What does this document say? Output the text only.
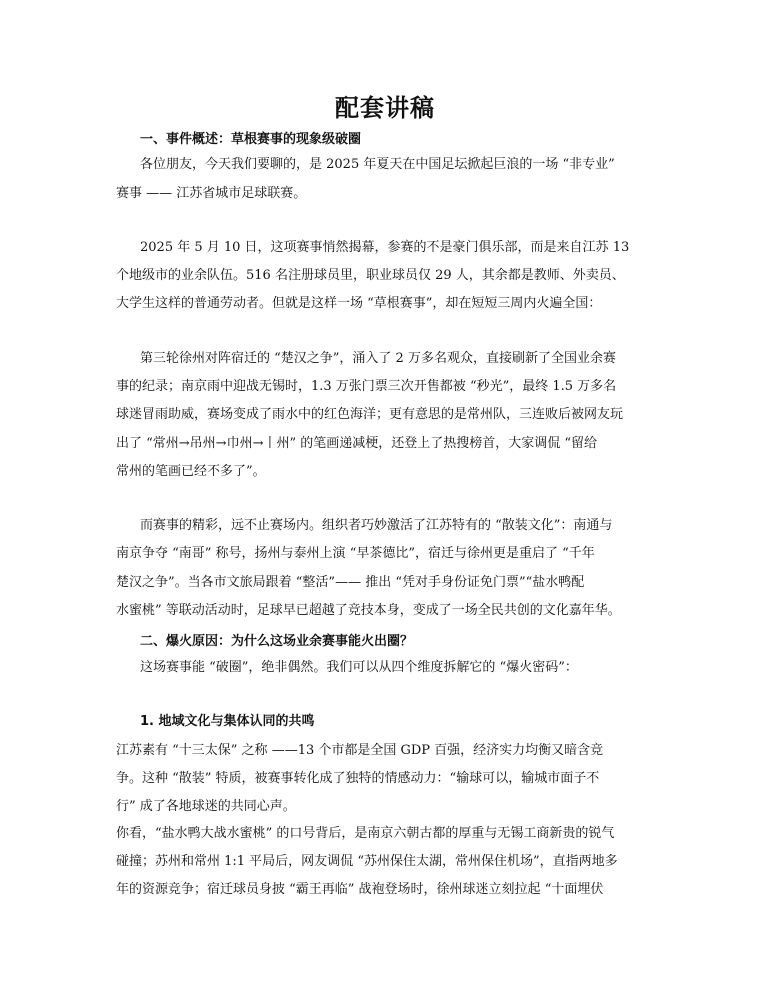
配套讲稿

一、事件概述：草根赛事的现象级破圈

各位朋友，今天我们要聊的，是 2025 年夏天在中国足坛掀起巨浪的一场 “非专业”

赛事 —— 江苏省城市足球联赛。

2025 年 5 月 10 日，这项赛事悄然揭幕，参赛的不是豪门俱乐部，而是来自江苏 13

个地级市的业余队伍。516 名注册球员里，职业球员仅 29 人，其余都是教师、外卖员、

大学生这样的普通劳动者。但就是这样一场 “草根赛事”，却在短短三周内火遍全国：

第三轮徐州对阵宿迁的 “楚汉之争”，涌入了 2 万多名观众，直接刷新了全国业余赛

事的纪录；南京雨中迎战无锡时，1.3 万张门票三次开售都被 “秒光”，最终 1.5 万多名

球迷冒雨助威，赛场变成了雨水中的红色海洋；更有意思的是常州队，三连败后被网友玩

出了 “常州→吊州→巾州→丨州” 的笔画递减梗，还登上了热搜榜首，大家调侃 “留给

常州的笔画已经不多了”。

而赛事的精彩，远不止赛场内。组织者巧妙激活了江苏特有的 “散装文化”：南通与

南京争夺 “南哥” 称号，扬州与泰州上演 “早茶德比”，宿迁与徐州更是重启了 “千年

楚汉之争”。当各市文旅局跟着 “整活”—— 推出 “凭对手身份证免门票”“盐水鸭配

水蜜桃” 等联动活动时，足球早已超越了竞技本身，变成了一场全民共创的文化嘉年华。

二、爆火原因：为什么这场业余赛事能火出圈？

这场赛事能 “破圈”，绝非偶然。我们可以从四个维度拆解它的 “爆火密码”：

1. 地域文化与集体认同的共鸣

江苏素有 “十三太保” 之称 ——13 个市都是全国 GDP 百强，经济实力均衡又暗含竞

争。这种 “散装” 特质，被赛事转化成了独特的情感动力：“输球可以，输城市面子不

行” 成了各地球迷的共同心声。

你看，“盐水鸭大战水蜜桃” 的口号背后，是南京六朝古都的厚重与无锡工商新贵的锐气

碰撞；苏州和常州 1:1 平局后，网友调侃 “苏州保住太湖，常州保住机场”，直指两地多

年的资源竞争；宿迁球员身披 “霸王再临” 战袍登场时，徐州球迷立刻拉起 “十面埋伏
